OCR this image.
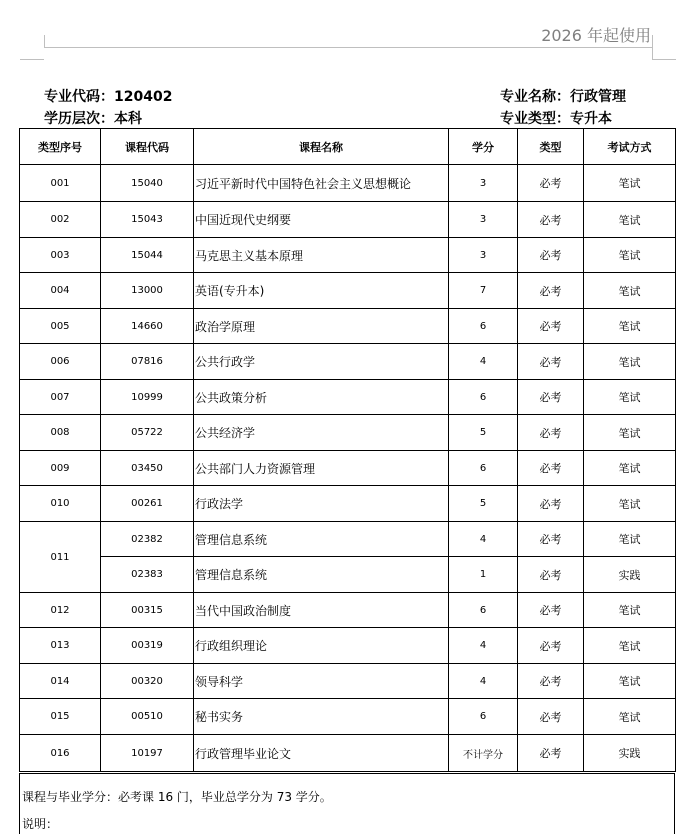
2026 年起使用
专业代码：120402
学历层次：本科
专业名称：行政管理
专业类型：专升本
类型序号	课程代码	课程名称	学分	类型	考试方式
001	15040	习近平新时代中国特色社会主义思想概论	3	必考	笔试
002	15043	中国近现代史纲要	3	必考	笔试
003	15044	马克思主义基本原理	3	必考	笔试
004	13000	英语(专升本)	7	必考	笔试
005	14660	政治学原理	6	必考	笔试
006	07816	公共行政学	4	必考	笔试
007	10999	公共政策分析	6	必考	笔试
008	05722	公共经济学	5	必考	笔试
009	03450	公共部门人力资源管理	6	必考	笔试
010	00261	行政法学	5	必考	笔试
011	02382	管理信息系统	4	必考	笔试
	02383	管理信息系统	1	必考	实践
012	00315	当代中国政治制度	6	必考	笔试
013	00319	行政组织理论	4	必考	笔试
014	00320	领导科学	4	必考	笔试
015	00510	秘书实务	6	必考	笔试
016	10197	行政管理毕业论文	不计学分	必考	实践
课程与毕业学分：必考课 16 门，毕业总学分为 73 学分。
说明：
